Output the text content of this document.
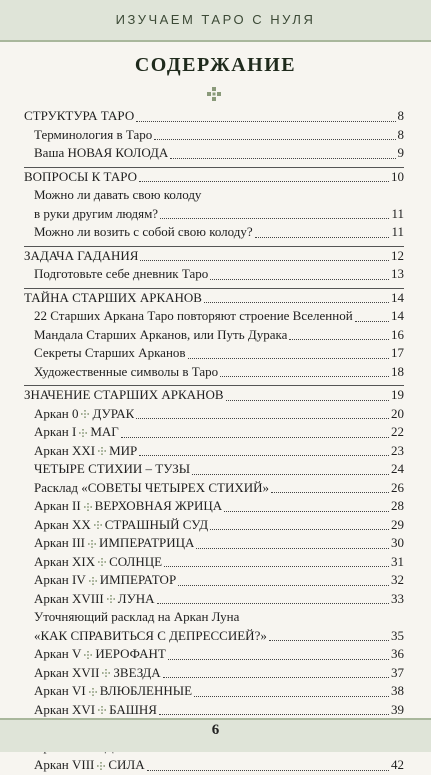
ИЗУЧАЕМ ТАРО С НУЛЯ
СОДЕРЖАНИЕ
СТРУКТУРА ТАРО	8
Терминология в Таро	8
Ваша НОВАЯ КОЛОДА	9
ВОПРОСЫ К ТАРО	10
Можно ли давать свою колоду
в руки другим людям?	11
Можно ли возить с собой свою колоду?	11
ЗАДАЧА ГАДАНИЯ	12
Подготовьте себе дневник Таро	13
ТАЙНА СТАРШИХ АРКАНОВ	14
22 Старших Аркана Таро повторяют строение Вселенной	14
Мандала Старших Арканов, или Путь Дурака	16
Секреты Старших Арканов	17
Художественные символы в Таро	18
ЗНАЧЕНИЕ СТАРШИХ АРКАНОВ	19
Аркан 0 ДУРАК	20
Аркан I МАГ	22
Аркан XXI МИР	23
ЧЕТЫРЕ СТИХИИ – ТУЗЫ	24
Расклад «СОВЕТЫ ЧЕТЫРЕХ СТИХИЙ»	26
Аркан II ВЕРХОВНАЯ ЖРИЦА	28
Аркан XX СТРАШНЫЙ СУД	29
Аркан III ИМПЕРАТРИЦА	30
Аркан XIX СОЛНЦЕ	31
Аркан IV ИМПЕРАТОР	32
Аркан XVIII ЛУНА	33
Уточняющий расклад на Аркан Луна
«КАК СПРАВИТЬСЯ С ДЕПРЕССИЕЙ?»	35
Аркан V ИЕРОФАНТ	36
Аркан XVII ЗВЕЗДА	37
Аркан VI ВЛЮБЛЕННЫЕ	38
Аркан XVI БАШНЯ	39
Аркан VIII СИЛА	42
6
